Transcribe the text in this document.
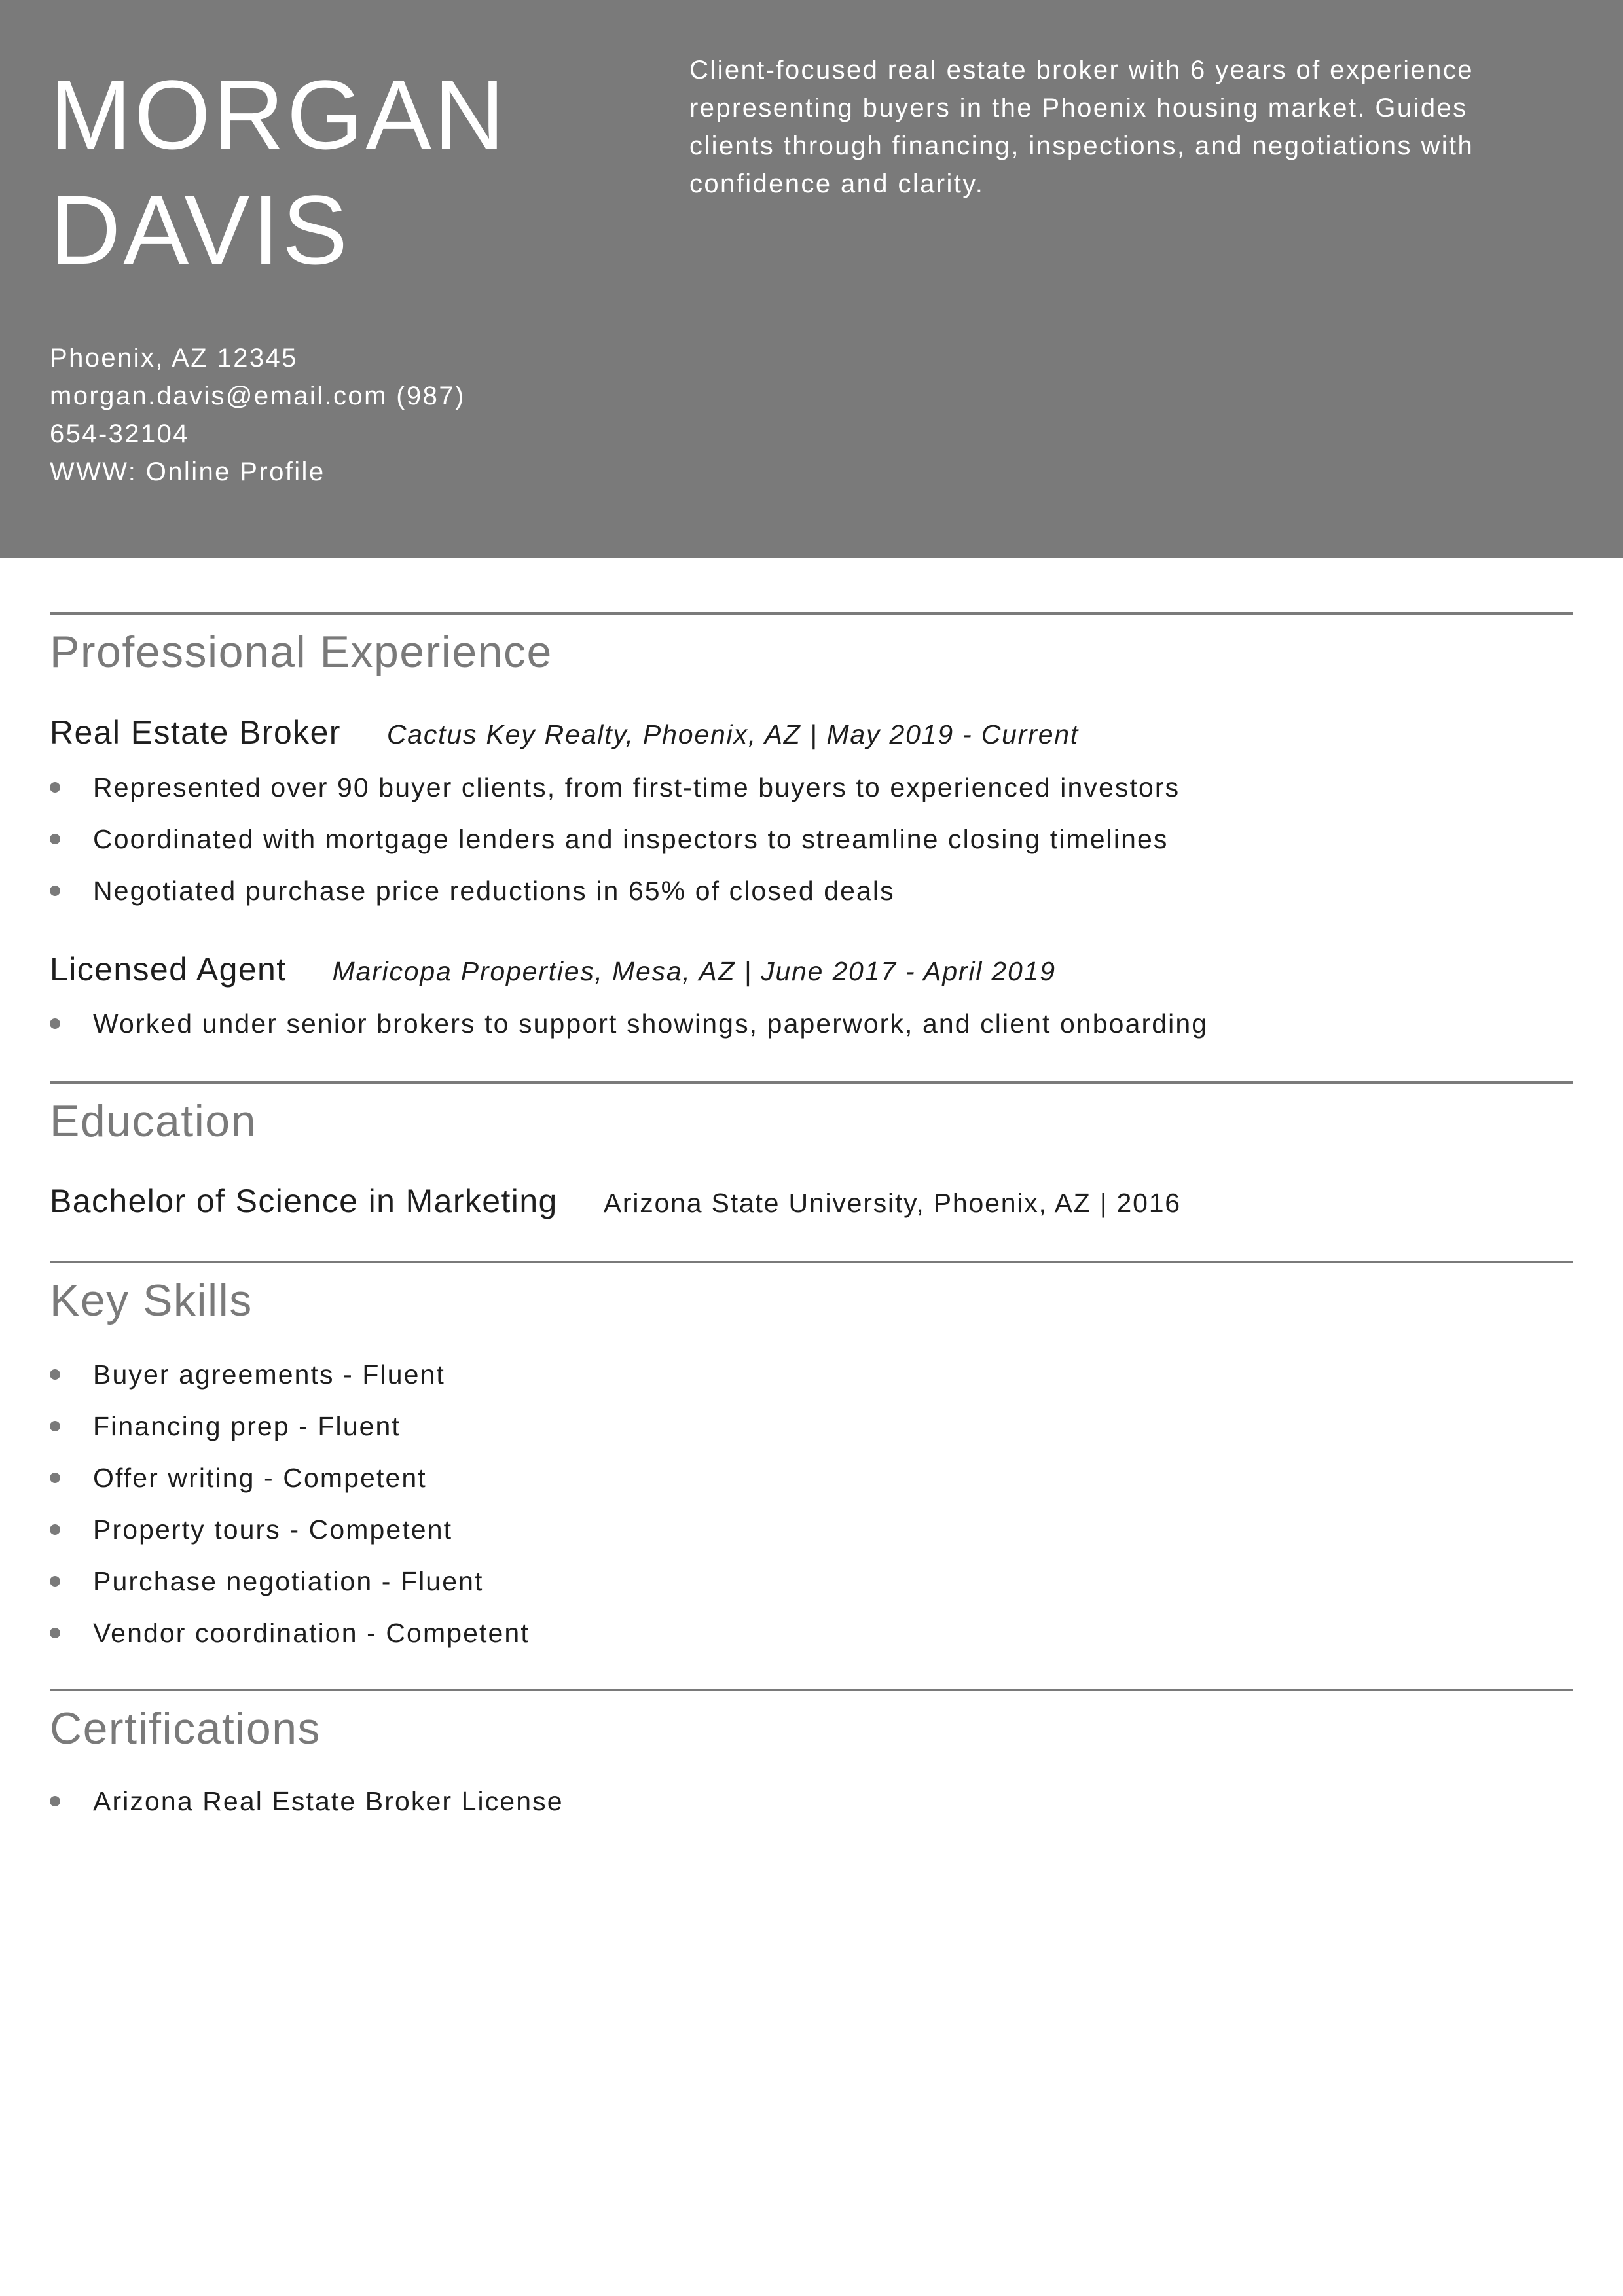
MORGAN
DAVIS
Client-focused real estate broker with 6 years of experience representing buyers in the Phoenix housing market. Guides clients through financing, inspections, and negotiations with confidence and clarity.
Phoenix, AZ 12345
morgan.davis@email.com (987)
654-32104
WWW: Online Profile
Professional Experience
Real Estate Broker Cactus Key Realty, Phoenix, AZ | May 2019 - Current
Represented over 90 buyer clients, from first-time buyers to experienced investors
Coordinated with mortgage lenders and inspectors to streamline closing timelines
Negotiated purchase price reductions in 65% of closed deals
Licensed Agent Maricopa Properties, Mesa, AZ | June 2017 - April 2019
Worked under senior brokers to support showings, paperwork, and client onboarding
Education
Bachelor of Science in Marketing Arizona State University, Phoenix, AZ | 2016
Key Skills
Buyer agreements - Fluent
Financing prep - Fluent
Offer writing - Competent
Property tours - Competent
Purchase negotiation - Fluent
Vendor coordination - Competent
Certifications
Arizona Real Estate Broker License
